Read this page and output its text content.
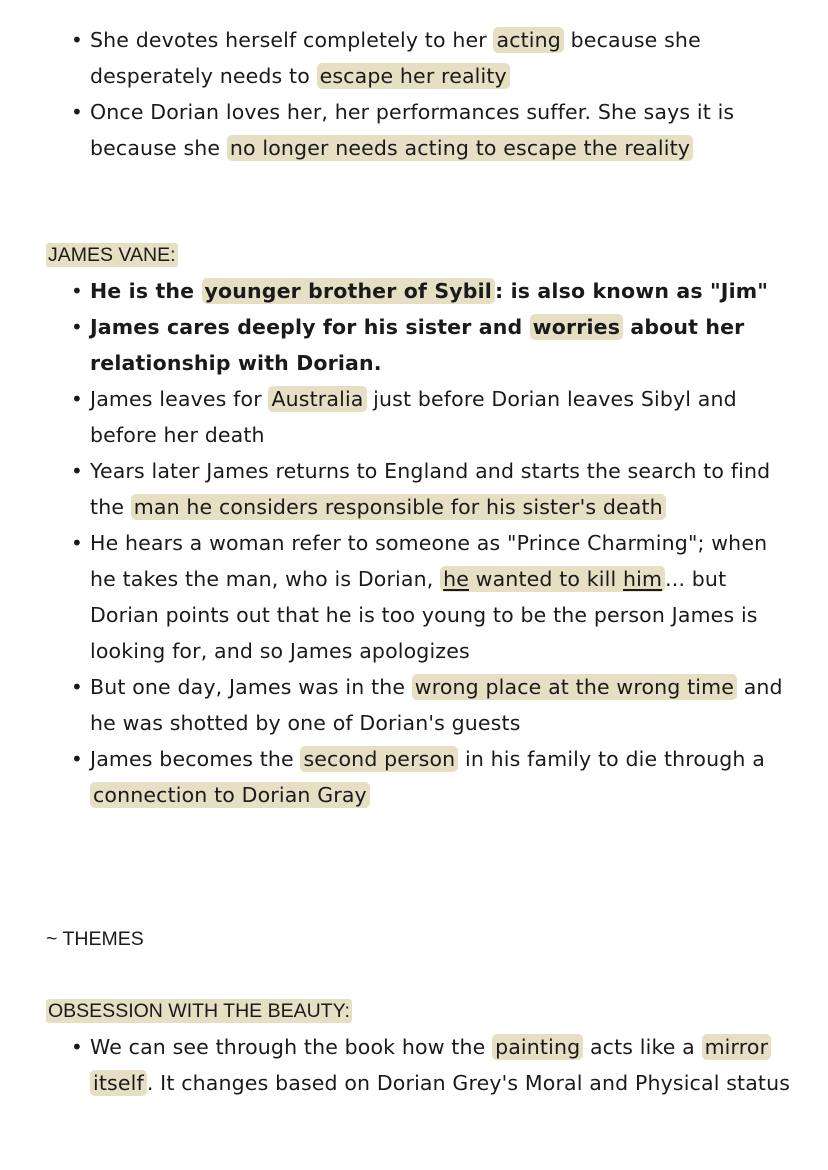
• She devotes herself completely to her acting because she desperately needs to escape her reality
• Once Dorian loves her, her performances suffer. She says it is because she no longer needs acting to escape the reality
JAMES VANE:
• He is the younger brother of Sybil : is also known as "Jim"
• James cares deeply for his sister and worries about her relationship with Dorian.
• James leaves for Australia just before Dorian leaves Sibyl and before her death
• Years later James returns to England and starts the search to find the man he considers responsible for his sister's death
• He hears a woman refer to someone as "Prince Charming"; when he takes the man, who is Dorian, he wanted to kill him ... but Dorian points out that he is too young to be the person James is looking for, and so James apologizes
• But one day, James was in the wrong place at the wrong time and he was shotted by one of Dorian's guests
• James becomes the second person in his family to die through a connection to Dorian Gray
~ THEMES
OBSESSION WITH THE BEAUTY:
• We can see through the book how the painting acts like a mirror itself . It changes based on Dorian Grey's Moral and Physical status
